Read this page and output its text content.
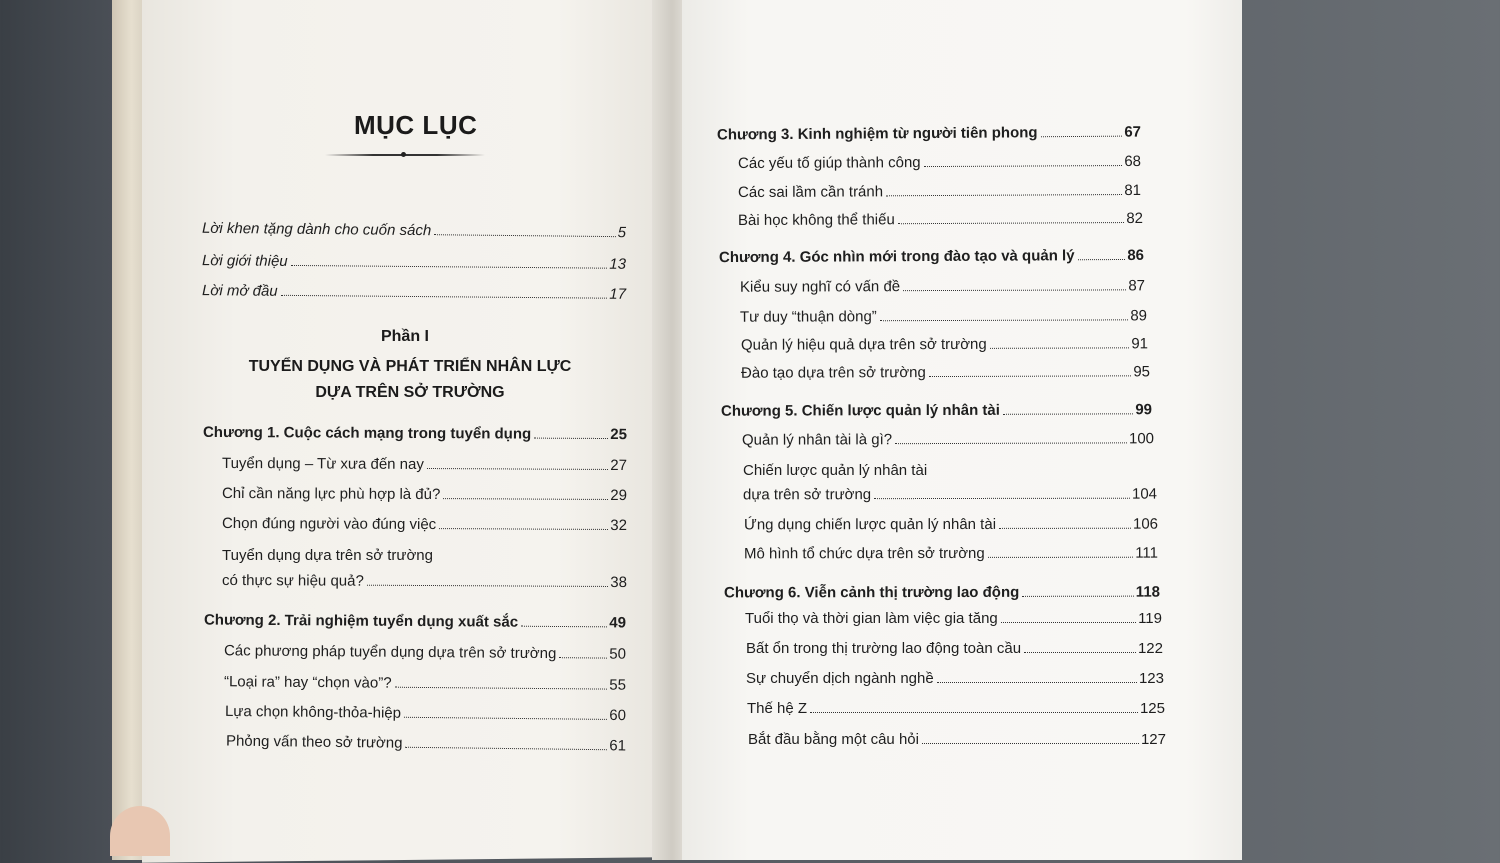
MỤC LỤC
Lời khen tặng dành cho cuốn sách	5
Lời giới thiệu	13
Lời mở đầu	17
Phần I
TUYỂN DỤNG VÀ PHÁT TRIỂN NHÂN LỰC
DỰA TRÊN SỞ TRƯỜNG
Chương 1. Cuộc cách mạng trong tuyển dụng	25
Tuyển dụng – Từ xưa đến nay	27
Chỉ cần năng lực phù hợp là đủ?	29
Chọn đúng người vào đúng việc	32
Tuyển dụng dựa trên sở trường
có thực sự hiệu quả?	38
Chương 2. Trải nghiệm tuyển dụng xuất sắc	49
Các phương pháp tuyển dụng dựa trên sở trường	50
“Loại ra” hay “chọn vào”?	55
Lựa chọn không-thỏa-hiệp	60
Phỏng vấn theo sở trường	61
Chương 3. Kinh nghiệm từ người tiên phong	67
Các yếu tố giúp thành công	68
Các sai lầm cần tránh	81
Bài học không thể thiếu	82
Chương 4. Góc nhìn mới trong đào tạo và quản lý	86
Kiểu suy nghĩ có vấn đề	87
Tư duy “thuận dòng”	89
Quản lý hiệu quả dựa trên sở trường	91
Đào tạo dựa trên sở trường	95
Chương 5. Chiến lược quản lý nhân tài	99
Quản lý nhân tài là gì?	100
Chiến lược quản lý nhân tài
dựa trên sở trường	104
Ứng dụng chiến lược quản lý nhân tài	106
Mô hình tổ chức dựa trên sở trường	111
Chương 6. Viễn cảnh thị trường lao động	118
Tuổi thọ và thời gian làm việc gia tăng	119
Bất ổn trong thị trường lao động toàn cầu	122
Sự chuyển dịch ngành nghề	123
Thế hệ Z	125
Bắt đầu bằng một câu hỏi	127
